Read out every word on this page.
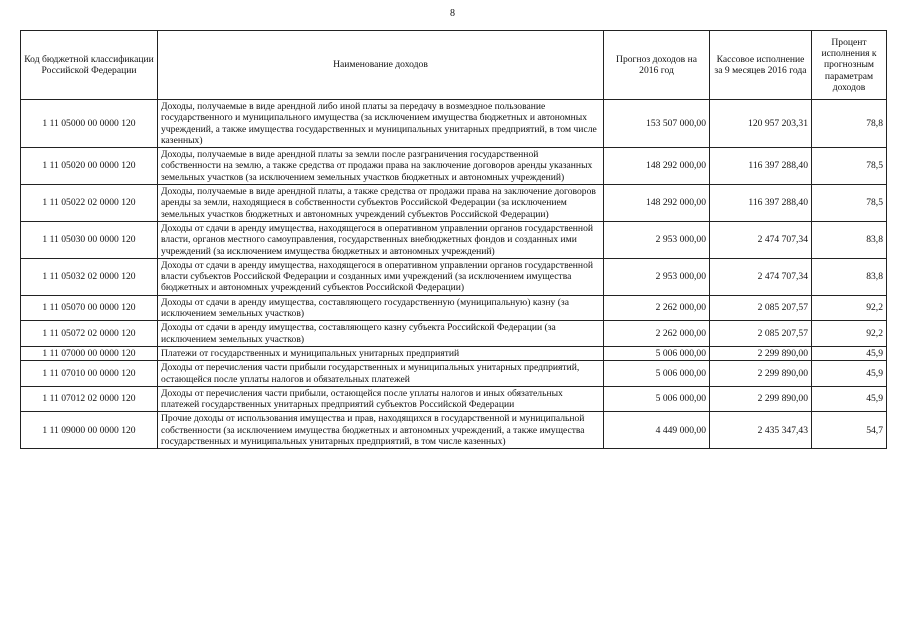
8
Код бюджетной классификации Российской Федерации	Наименование доходов	Прогноз доходов на 2016 год	Кассовое исполнение за 9 месяцев 2016 года	Процент исполнения к прогнозным параметрам доходов
1 11 05000 00 0000 120	Доходы, получаемые в виде арендной либо иной платы за передачу в возмездное пользование государственного и муниципального имущества (за исключением имущества бюджетных и автономных учреждений, а также имущества государственных и муниципальных унитарных предприятий, в том числе казенных)	153 507 000,00	120 957 203,31	78,8
1 11 05020 00 0000 120	Доходы, получаемые в виде арендной платы за земли после разграничения государственной собственности на землю, а также средства от продажи права на заключение договоров аренды указанных земельных участков (за исключением земельных участков бюджетных и автономных учреждений)	148 292 000,00	116 397 288,40	78,5
1 11 05022 02 0000 120	Доходы, получаемые в виде арендной платы, а также средства от продажи права на заключение договоров аренды за земли, находящиеся в собственности субъектов Российской Федерации (за исключением земельных участков бюджетных и автономных учреждений субъектов Российской Федерации)	148 292 000,00	116 397 288,40	78,5
1 11 05030 00 0000 120	Доходы от сдачи в аренду имущества, находящегося в оперативном управлении органов государственной власти, органов местного самоуправления, государственных внебюджетных фондов и созданных ими учреждений (за исключением имущества бюджетных и автономных учреждений)	2 953 000,00	2 474 707,34	83,8
1 11 05032 02 0000 120	Доходы от сдачи в аренду имущества, находящегося в оперативном управлении органов государственной власти субъектов Российской Федерации и созданных ими учреждений (за исключением имущества бюджетных и автономных учреждений субъектов Российской Федерации)	2 953 000,00	2 474 707,34	83,8
1 11 05070 00 0000 120	Доходы от сдачи в аренду имущества, составляющего государственную (муниципальную) казну (за исключением земельных участков)	2 262 000,00	2 085 207,57	92,2
1 11 05072 02 0000 120	Доходы от сдачи в аренду имущества, составляющего казну субъекта Российской Федерации (за исключением земельных участков)	2 262 000,00	2 085 207,57	92,2
1 11 07000 00 0000 120	Платежи от государственных и муниципальных унитарных предприятий	5 006 000,00	2 299 890,00	45,9
1 11 07010 00 0000 120	Доходы от перечисления части прибыли государственных и муниципальных унитарных предприятий, остающейся после уплаты налогов и обязательных платежей	5 006 000,00	2 299 890,00	45,9
1 11 07012 02 0000 120	Доходы от перечисления части прибыли, остающейся после уплаты налогов и иных обязательных платежей государственных унитарных предприятий субъектов Российской Федерации	5 006 000,00	2 299 890,00	45,9
1 11 09000 00 0000 120	Прочие доходы от использования имущества и прав, находящихся в государственной и муниципальной собственности (за исключением имущества бюджетных и автономных учреждений, а также имущества государственных и муниципальных унитарных предприятий, в том числе казенных)	4 449 000,00	2 435 347,43	54,7
